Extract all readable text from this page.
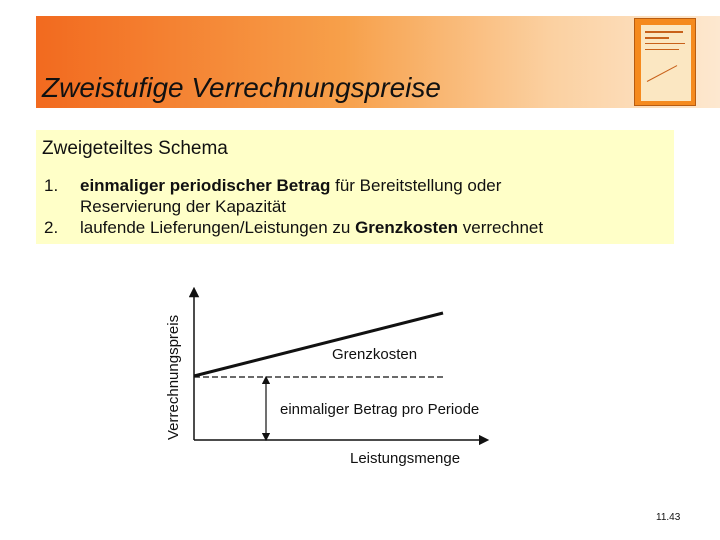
Zweistufige Verrechnungspreise
Zweigeteiltes Schema
1. einmaliger periodischer Betrag für Bereitstellung oder
Reservierung der Kapazität
2. laufende Lieferungen/Leistungen zu Grenzkosten verrechnet
Verrechnungspreis	Grenzkosten
einmaliger Betrag pro Periode
Leistungsmenge
11.43
